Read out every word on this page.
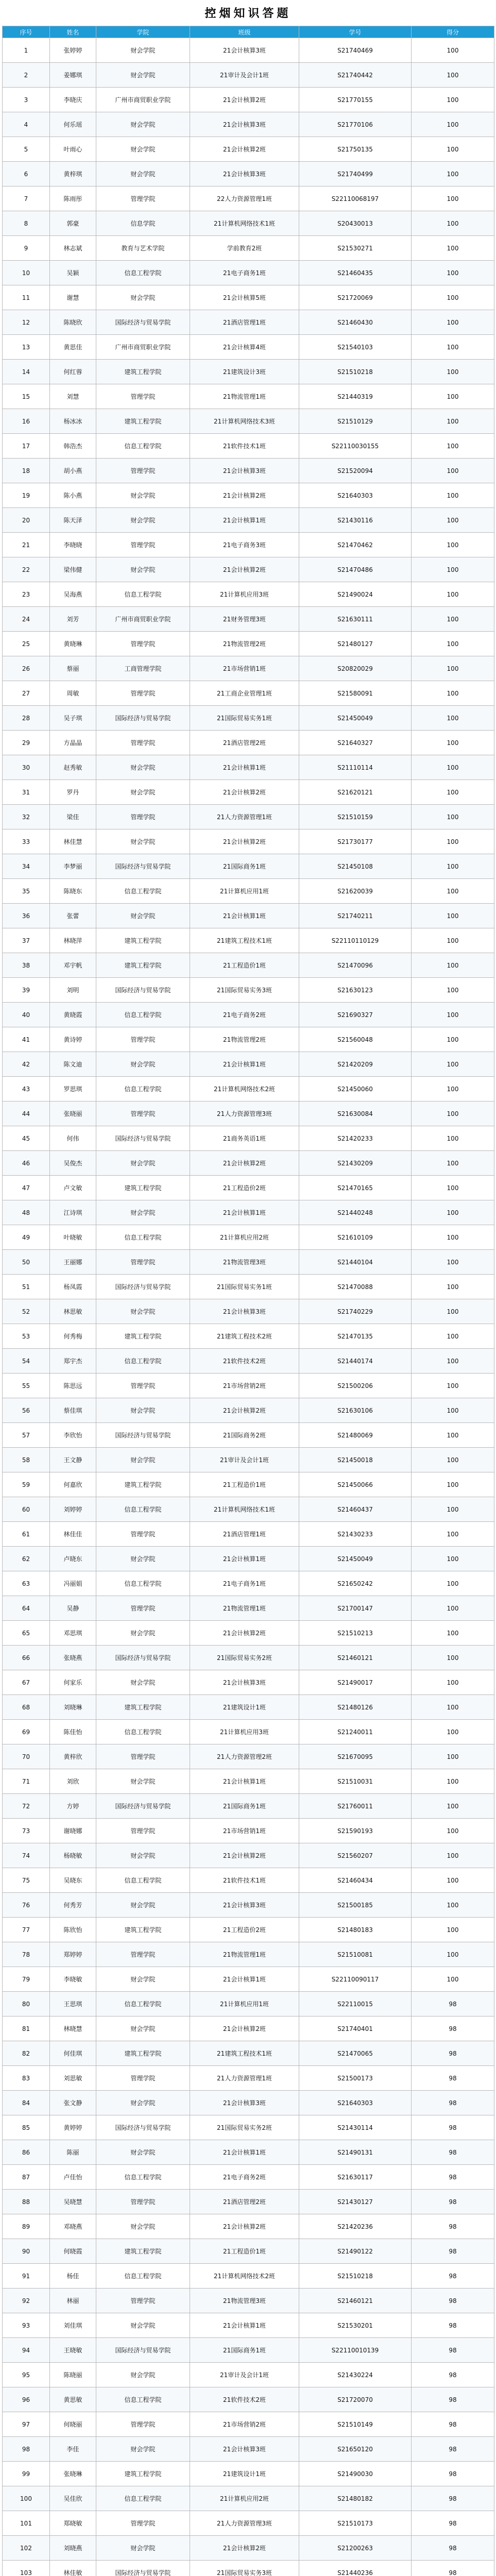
控烟知识答题
序号	姓名	学院	班级	学号	得分
1	张婷婷	财会学院	21会计核算3班	S21740469	100
2	姜娜琪	财会学院	21审计及会计1班	S21740442	100
3	李晓庆	广州市商贸职业学院	21会计核算2班	S21770155	100
4	何乐瑶	财会学院	21会计核算3班	S21770106	100
5	叶雨心	财会学院	21会计核算2班	S21750135	100
6	黄梓琪	财会学院	21会计核算3班	S21740499	100
7	陈雨彤	管理学院	22人力资源管理1班	S22110068197	100
8	郭豪	信息学院	21计算机网络技术1班	S20430013	100
9	林志斌	教育与艺术学院	学前教育2班	S21530271	100
10	吴颖	信息工程学院	21电子商务1班	S21460435	100
11	谢慧	财会学院	21会计核算5班	S21720069	100
12	陈晓欣	国际经济与贸易学院	21酒店管理1班	S21460430	100
13	黄思佳	广州市商贸职业学院	21会计核算4班	S21540103	100
14	何红蓉	建筑工程学院	21建筑设计3班	S21510218	100
15	刘慧	管理学院	21物流管理1班	S21440319	100
16	杨冰冰	建筑工程学院	21计算机网络技术3班	S21510129	100
17	韩浩杰	信息工程学院	21软件技术1班	S22110030155	100
18	胡小燕	管理学院	21会计核算3班	S21520094	100
19	陈小燕	财会学院	21会计核算2班	S21640303	100
20	陈天泽	财会学院	21会计核算1班	S21430116	100
21	李晓晓	管理学院	21电子商务3班	S21470462	100
22	梁伟健	财会学院	21会计核算2班	S21470486	100
23	吴海燕	信息工程学院	21计算机应用3班	S21490024	100
24	刘芳	广州市商贸职业学院	21财务管理3班	S21630111	100
25	黄晓琳	管理学院	21物流管理2班	S21480127	100
26	蔡丽	工商管理学院	21市场营销1班	S20820029	100
27	周敏	管理学院	21工商企业管理1班	S21580091	100
28	吴子琪	国际经济与贸易学院	21国际贸易实务1班	S21450049	100
29	方晶晶	管理学院	21酒店管理2班	S21640327	100
30	赵秀敏	财会学院	21会计核算1班	S21110114	100
31	罗丹	财会学院	21会计核算2班	S21620121	100
32	梁佳	管理学院	21人力资源管理1班	S21510159	100
33	林佳慧	财会学院	21会计核算2班	S21730177	100
34	李梦丽	国际经济与贸易学院	21国际商务1班	S21450108	100
35	陈晓东	信息工程学院	21计算机应用1班	S21620039	100
36	张蕾	财会学院	21会计核算1班	S21740211	100
37	林晓萍	建筑工程学院	21建筑工程技术1班	S22110110129	100
38	邓宇帆	建筑工程学院	21工程造价1班	S21470096	100
39	刘明	国际经济与贸易学院	21国际贸易实务3班	S21630123	100
40	黄晓霞	信息工程学院	21电子商务2班	S21690327	100
41	黄诗婷	管理学院	21物流管理2班	S21560048	100
42	陈文迪	财会学院	21会计核算1班	S21420209	100
43	罗思琪	信息工程学院	21计算机网络技术2班	S21450060	100
44	张晓丽	管理学院	21人力资源管理3班	S21630084	100
45	何伟	国际经济与贸易学院	21商务英语1班	S21420233	100
46	吴俊杰	财会学院	21会计核算2班	S21430209	100
47	卢文敏	建筑工程学院	21工程造价2班	S21470165	100
48	江诗琪	财会学院	21会计核算1班	S21440248	100
49	叶晓敏	信息工程学院	21计算机应用2班	S21610109	100
50	王丽娜	管理学院	21物流管理3班	S21440104	100
51	杨凤霞	国际经济与贸易学院	21国际贸易实务1班	S21470088	100
52	林思敏	财会学院	21会计核算3班	S21740229	100
53	何秀梅	建筑工程学院	21建筑工程技术2班	S21470135	100
54	郑宇杰	信息工程学院	21软件技术2班	S21440174	100
55	陈思远	管理学院	21市场营销2班	S21500206	100
56	蔡佳琪	财会学院	21会计核算2班	S21630106	100
57	李欣怡	国际经济与贸易学院	21国际商务2班	S21480069	100
58	王文静	财会学院	21审计及会计1班	S21450018	100
59	何嘉欣	建筑工程学院	21工程造价1班	S21450066	100
60	刘婷婷	信息工程学院	21计算机网络技术1班	S21460437	100
61	林佳佳	管理学院	21酒店管理1班	S21430233	100
62	卢晓东	财会学院	21会计核算1班	S21450049	100
63	冯丽娟	信息工程学院	21电子商务1班	S21650242	100
64	吴静	管理学院	21物流管理1班	S21700147	100
65	邓思琪	财会学院	21会计核算2班	S21510213	100
66	张晓燕	国际经济与贸易学院	21国际贸易实务2班	S21460121	100
67	何家乐	财会学院	21会计核算3班	S21490017	100
68	刘晓琳	建筑工程学院	21建筑设计1班	S21480126	100
69	陈佳怡	信息工程学院	21计算机应用3班	S21240011	100
70	黄梓欣	管理学院	21人力资源管理2班	S21670095	100
71	刘欣	财会学院	21会计核算1班	S21510031	100
72	方婷	国际经济与贸易学院	21国际商务1班	S21760011	100
73	谢晓娜	管理学院	21市场营销1班	S21590193	100
74	杨晓敏	财会学院	21会计核算2班	S21560207	100
75	吴晓东	信息工程学院	21软件技术1班	S21460434	100
76	何秀芳	财会学院	21会计核算3班	S21500185	100
77	陈欣怡	建筑工程学院	21工程造价2班	S21480183	100
78	郑婷婷	管理学院	21物流管理1班	S21510081	100
79	李晓敏	财会学院	21会计核算1班	S22110090117	100
80	王思琪	信息工程学院	21计算机应用1班	S22110015	98
81	林晓慧	财会学院	21会计核算2班	S21740401	98
82	何佳琪	建筑工程学院	21建筑工程技术1班	S21470065	98
83	刘思敏	管理学院	21人力资源管理1班	S21500173	98
84	张文静	财会学院	21会计核算3班	S21640303	98
85	黄婷婷	国际经济与贸易学院	21国际贸易实务2班	S21430114	98
86	陈丽	财会学院	21会计核算1班	S21490131	98
87	卢佳怡	信息工程学院	21电子商务2班	S21630117	98
88	吴晓慧	管理学院	21酒店管理2班	S21430127	98
89	邓晓燕	财会学院	21会计核算2班	S21420236	98
90	何晓霞	建筑工程学院	21工程造价1班	S21490122	98
91	杨佳	信息工程学院	21计算机网络技术2班	S21510218	98
92	林丽	管理学院	21物流管理3班	S21460121	98
93	刘佳琪	财会学院	21会计核算1班	S21530201	98
94	王晓敏	国际经济与贸易学院	21国际商务1班	S22110010139	98
95	陈晓丽	财会学院	21审计及会计1班	S21430224	98
96	黄思敏	信息工程学院	21软件技术2班	S21720070	98
97	何晓丽	管理学院	21市场营销2班	S21510149	98
98	李佳	财会学院	21会计核算3班	S21650120	98
99	张晓琳	建筑工程学院	21建筑设计1班	S21490030	98
100	吴佳欣	信息工程学院	21计算机应用2班	S21480182	98
101	郑晓敏	管理学院	21人力资源管理3班	S21510173	98
102	刘晓燕	财会学院	21会计核算2班	S21200263	98
103	林佳敏	国际经济与贸易学院	21国际贸易实务3班	S21440236	98
